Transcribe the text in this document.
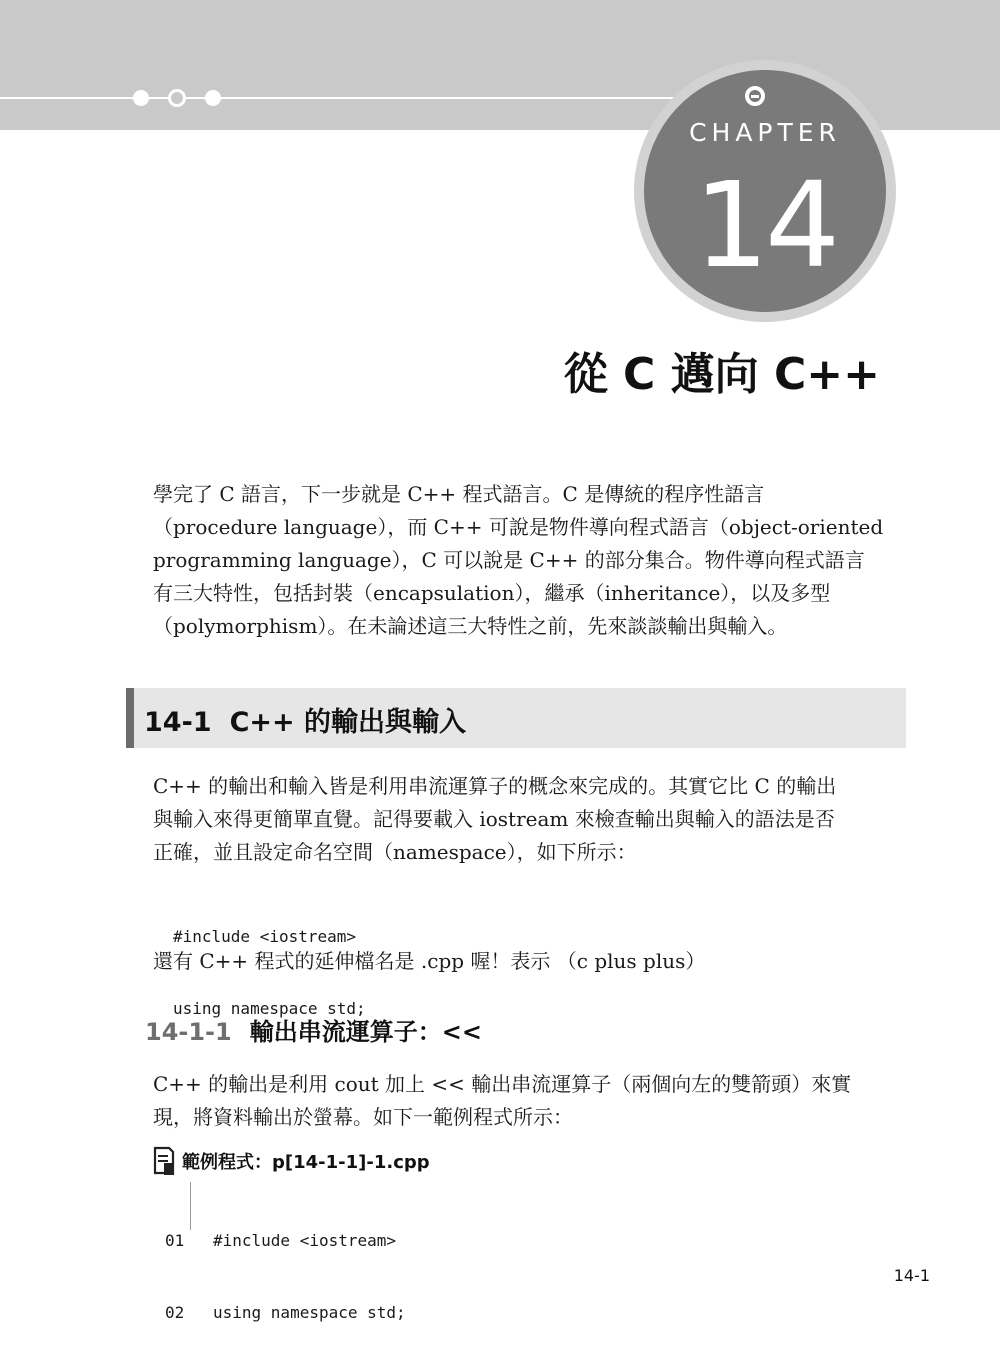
CHAPTER
14
從 C 邁向 C++
學完了 C 語言，下一步就是 C++ 程式語言。C 是傳統的程序性語言
（procedure language），而 C++ 可說是物件導向程式語言（object-oriented
programming language），C 可以說是 C++ 的部分集合。物件導向程式語言
有三大特性，包括封裝（encapsulation），繼承（inheritance），以及多型
（polymorphism）。在未論述這三大特性之前，先來談談輸出與輸入。
14-1 C++ 的輸出與輸入
C++ 的輸出和輸入皆是利用串流運算子的概念來完成的。其實它比 C 的輸出
與輸入來得更簡單直覺。記得要載入 iostream 來檢查輸出與輸入的語法是否
正確，並且設定命名空間（namespace），如下所示：

#include <iostream>

using namespace std;

還有 C++ 程式的延伸檔名是 .cpp 喔！表示 （c plus plus）
14-1-1 輸出串流運算子：<<
C++ 的輸出是利用 cout 加上 << 輸出串流運算子（兩個向左的雙箭頭）來實
現，將資料輸出於螢幕。如下一範例程式所示：
範例程式：p[14-1-1]-1.cpp

01

02

#include <iostream>

using namespace std;

14-1
